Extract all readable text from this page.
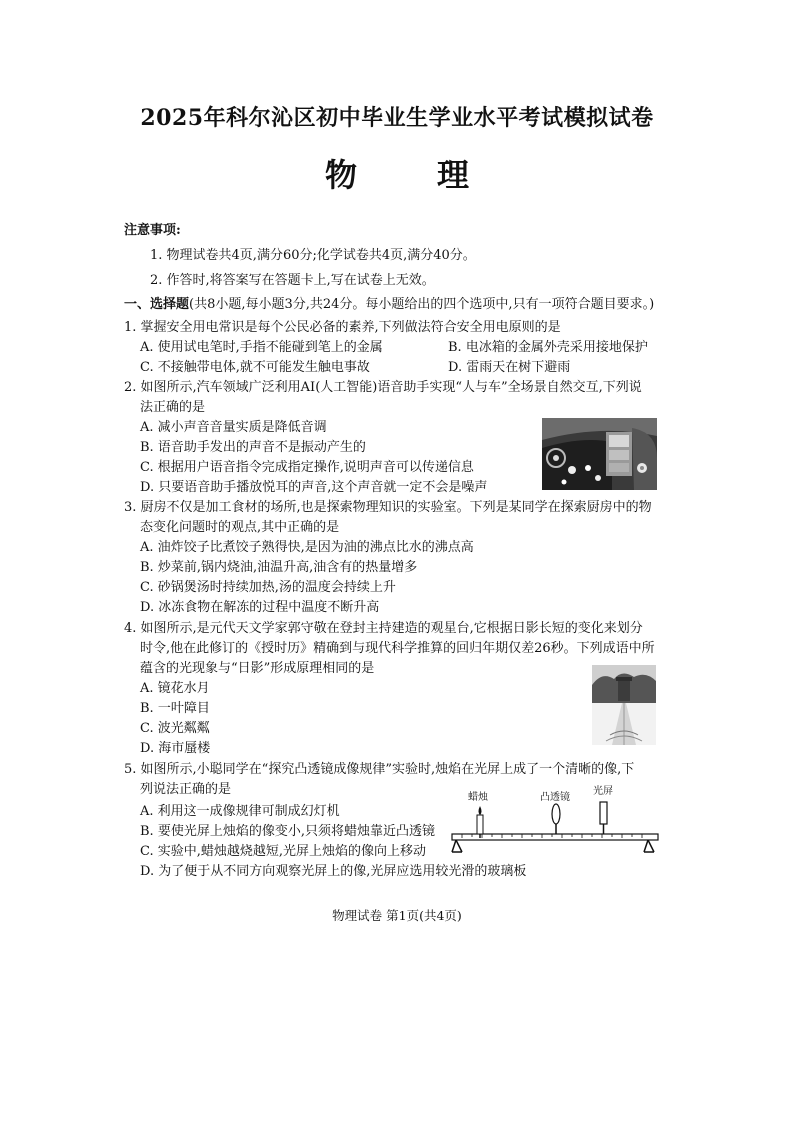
2025年科尔沁区初中毕业生学业水平考试模拟试卷
物	理
注意事项:
1. 物理试卷共4页,满分60分;化学试卷共4页,满分40分。
2. 作答时,将答案写在答题卡上,写在试卷上无效。
一、选择题(共8小题,每小题3分,共24分。每小题给出的四个选项中,只有一项符合题目要求。)
1. 掌握安全用电常识是每个公民必备的素养,下列做法符合安全用电原则的是
A. 使用试电笔时,手指不能碰到笔上的金属	B. 电冰箱的金属外壳采用接地保护
C. 不接触带电体,就不可能发生触电事故	D. 雷雨天在树下避雨
2. 如图所示,汽车领域广泛利用AI(人工智能)语音助手实现“人与车”全场景自然交互,下列说
法正确的是
A. 减小声音音量实质是降低音调
B. 语音助手发出的声音不是振动产生的
C. 根据用户语音指令完成指定操作,说明声音可以传递信息
D. 只要语音助手播放悦耳的声音,这个声音就一定不会是噪声
3. 厨房不仅是加工食材的场所,也是探索物理知识的实验室。下列是某同学在探索厨房中的物
态变化问题时的观点,其中正确的是
A. 油炸饺子比煮饺子熟得快,是因为油的沸点比水的沸点高
B. 炒菜前,锅内烧油,油温升高,油含有的热量增多
C. 砂锅煲汤时持续加热,汤的温度会持续上升
D. 冰冻食物在解冻的过程中温度不断升高
4. 如图所示,是元代天文学家郭守敬在登封主持建造的观星台,它根据日影长短的变化来划分
时令,他在此修订的《授时历》精确到与现代科学推算的回归年期仅差26秒。下列成语中所
蕴含的光现象与“日影”形成原理相同的是
A. 镜花水月
B. 一叶障目
C. 波光粼粼
D. 海市蜃楼
5. 如图所示,小聪同学在“探究凸透镜成像规律”实验时,烛焰在光屏上成了一个清晰的像,下
列说法正确的是
A. 利用这一成像规律可制成幻灯机
B. 要使光屏上烛焰的像变小,只须将蜡烛靠近凸透镜
C. 实验中,蜡烛越烧越短,光屏上烛焰的像向上移动
D. 为了便于从不同方向观察光屏上的像,光屏应选用较光滑的玻璃板
蜡烛	凸透镜
光屏
物理试卷 第1页(共4页)
